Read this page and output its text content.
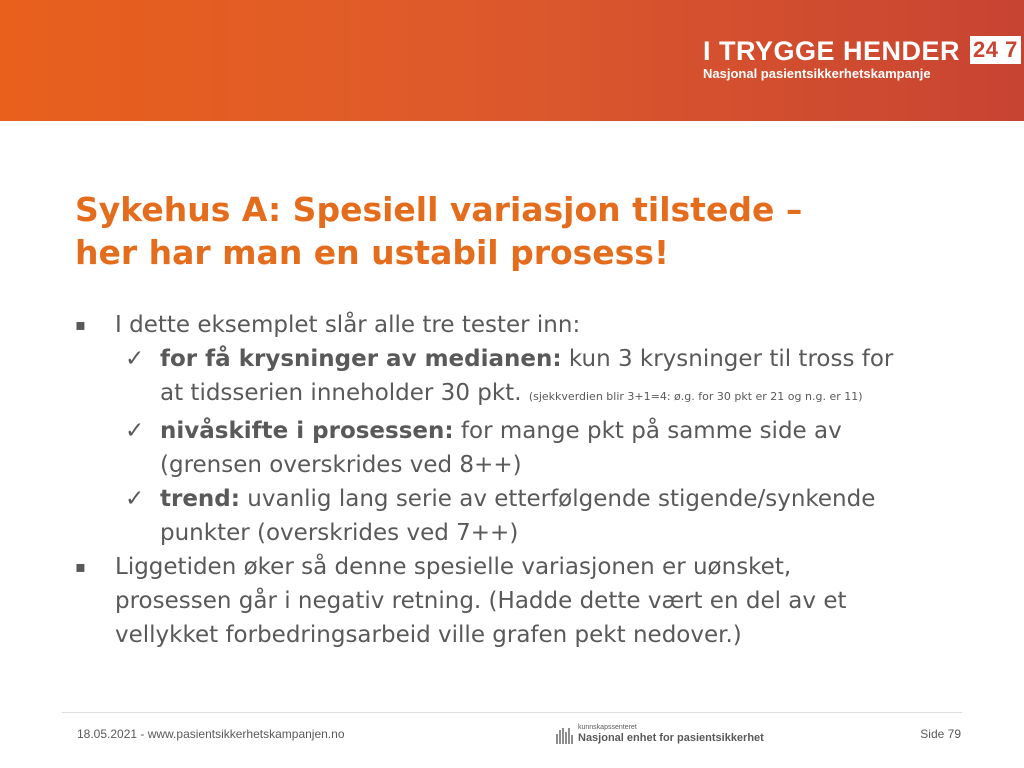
I TRYGGE HENDER 24 7
Nasjonal pasientsikkerhetskampanje
Sykehus A: Spesiell variasjon tilstede –
her har man en ustabil prosess!
▪ I dette eksemplet slår alle tre tester inn:
✓ for få krysninger av medianen: kun 3 krysninger til tross for
at tidsserien inneholder 30 pkt. (sjekkverdien blir 3+1=4: ø.g. for 30 pkt er 21 og n.g. er 11)
✓ nivåskifte i prosessen: for mange pkt på samme side av
(grensen overskrides ved 8++)
✓ trend: uvanlig lang serie av etterfølgende stigende/synkende
punkter (overskrides ved 7++)
▪ Liggetiden øker så denne spesielle variasjonen er uønsket,
prosessen går i negativ retning. (Hadde dette vært en del av et
vellykket forbedringsarbeid ville grafen pekt nedover.)
18.05.2021 - www.pasientsikkerhetskampanjen.no	kunnskapssenteret
Nasjonal enhet for pasientsikkerhet	Side 79
